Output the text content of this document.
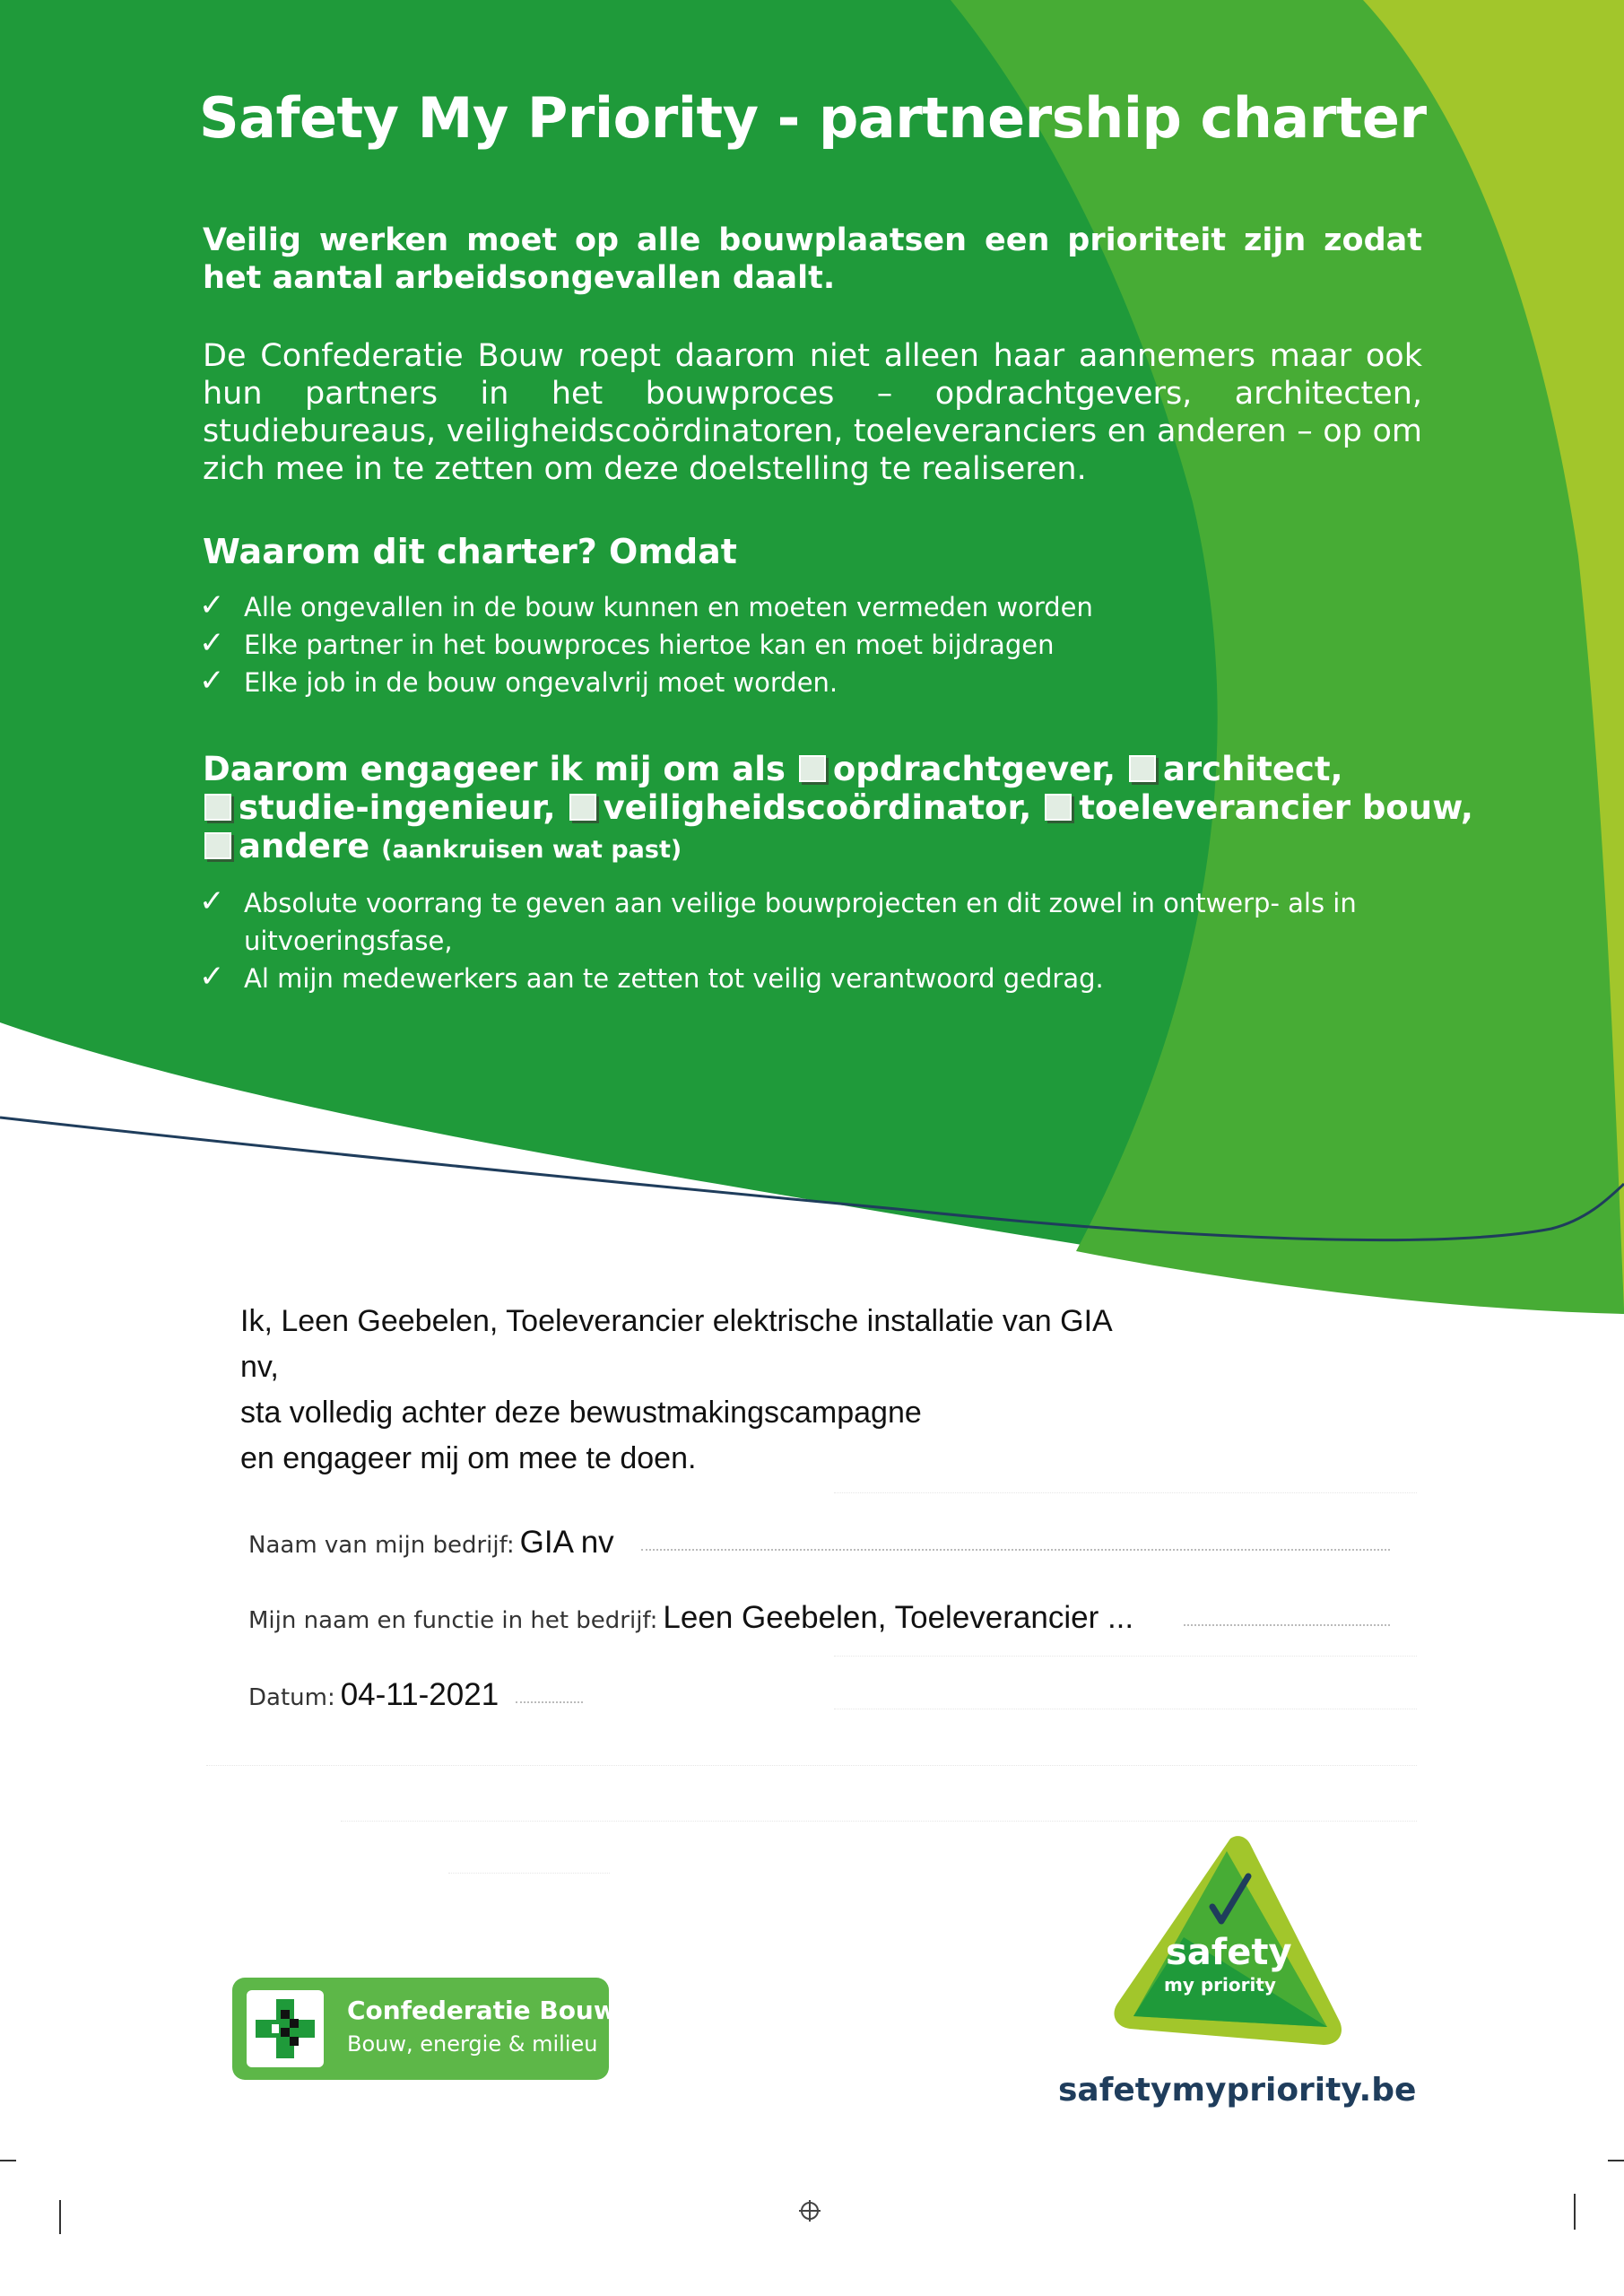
Safety My Priority - partnership charter
Veilig werken moet op alle bouwplaatsen een prioriteit zijn zodat het aantal arbeidsongevallen daalt.
De Confederatie Bouw roept daarom niet alleen haar aannemers maar ook hun partners in het bouwproces – opdrachtgevers, architecten, studiebureaus, veiligheidscoördinatoren, toeleveranciers en anderen – op om zich mee in te zetten om deze doelstelling te realiseren.
Waarom dit charter? Omdat
✓ Alle ongevallen in de bouw kunnen en moeten vermeden worden
✓ Elke partner in het bouwproces hiertoe kan en moet bijdragen
✓ Elke job in de bouw ongevalvrij moet worden.
Daarom engageer ik mij om als opdrachtgever, architect,
studie-ingenieur, veiligheidscoördinator, toeleverancier bouw,
andere (aankruisen wat past)
✓ Absolute voorrang te geven aan veilige bouwprojecten en dit zowel in ontwerp- als in uitvoeringsfase,
✓ Al mijn medewerkers aan te zetten tot veilig verantwoord gedrag.
Ik, Leen Geebelen, Toeleverancier elektrische installatie van GIA
nv,
sta volledig achter deze bewustmakingscampagne
en engageer mij om mee te doen.
Naam van mijn bedrijf: GIA nv
Mijn naam en functie in het bedrijf: Leen Geebelen, Toeleverancier ...
Datum: 04-11-2021
Confederatie Bouw
Bouw, energie & milieu
safety
my priority
safetymypriority.be
